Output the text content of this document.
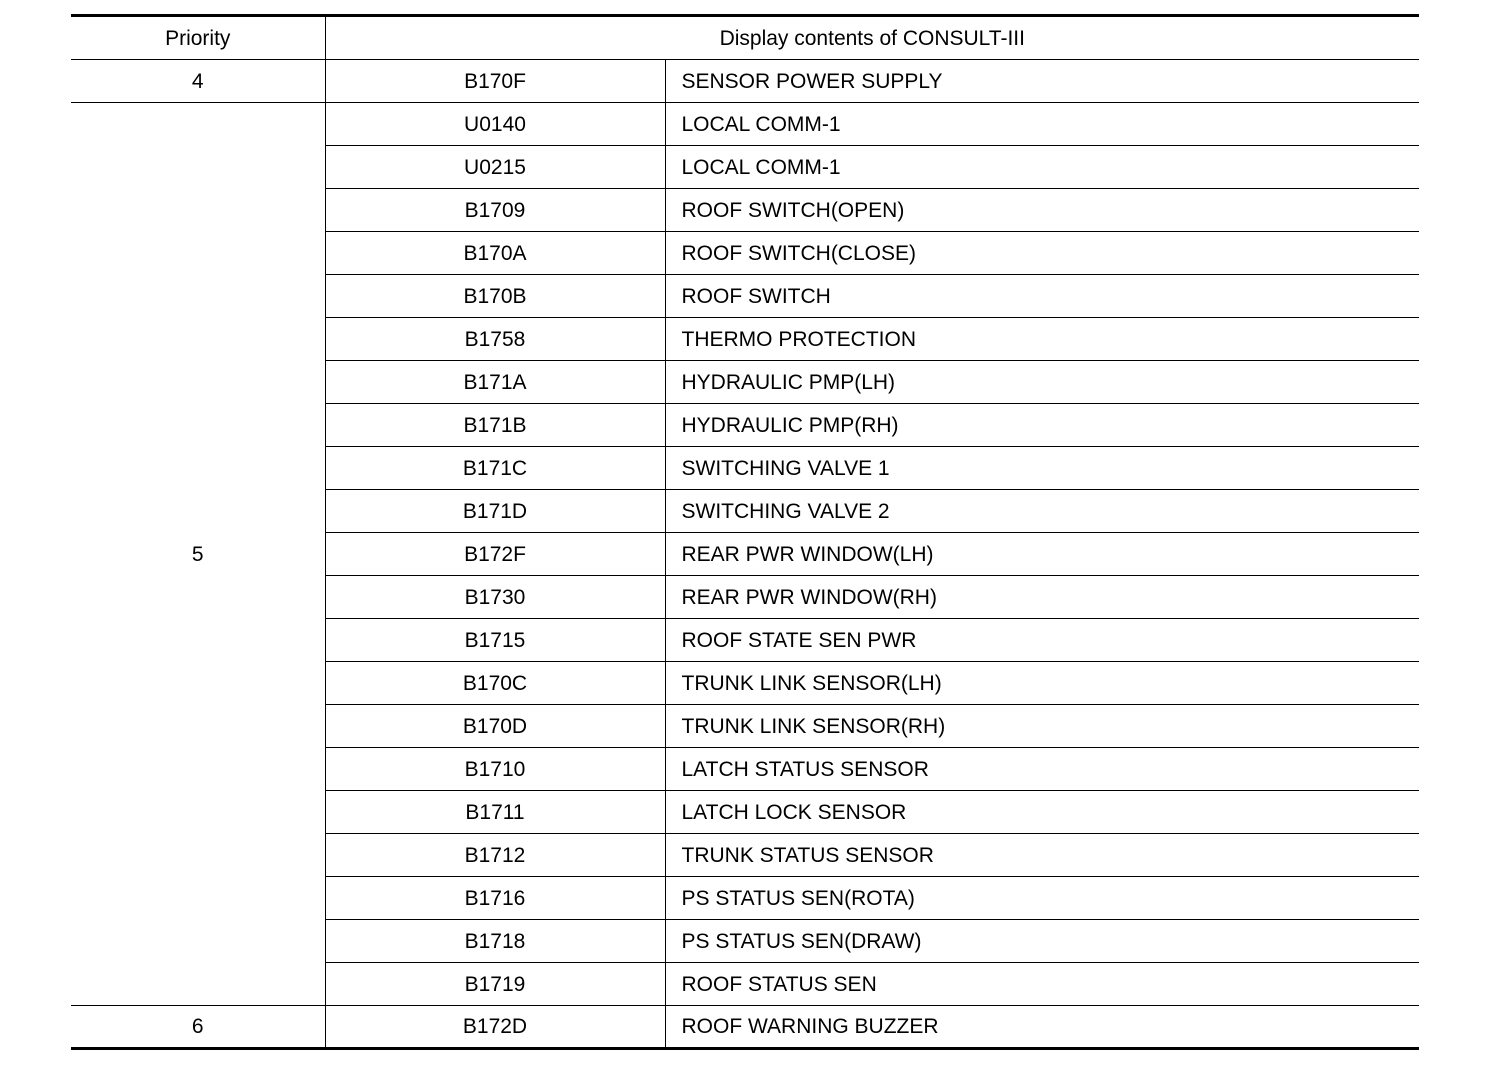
Priority	Display contents of CONSULT-III	
4	B170F	SENSOR POWER SUPPLY
5	U0140	LOCAL COMM-1
	U0215	LOCAL COMM-1
	B1709	ROOF SWITCH(OPEN)
	B170A	ROOF SWITCH(CLOSE)
	B170B	ROOF SWITCH
	B1758	THERMO PROTECTION
	B171A	HYDRAULIC PMP(LH)
	B171B	HYDRAULIC PMP(RH)
	B171C	SWITCHING VALVE 1
	B171D	SWITCHING VALVE 2
	B172F	REAR PWR WINDOW(LH)
	B1730	REAR PWR WINDOW(RH)
	B1715	ROOF STATE SEN PWR
	B170C	TRUNK LINK SENSOR(LH)
	B170D	TRUNK LINK SENSOR(RH)
	B1710	LATCH STATUS SENSOR
	B1711	LATCH LOCK SENSOR
	B1712	TRUNK STATUS SENSOR
	B1716	PS STATUS SEN(ROTA)
	B1718	PS STATUS SEN(DRAW)
	B1719	ROOF STATUS SEN
6	B172D	ROOF WARNING BUZZER
